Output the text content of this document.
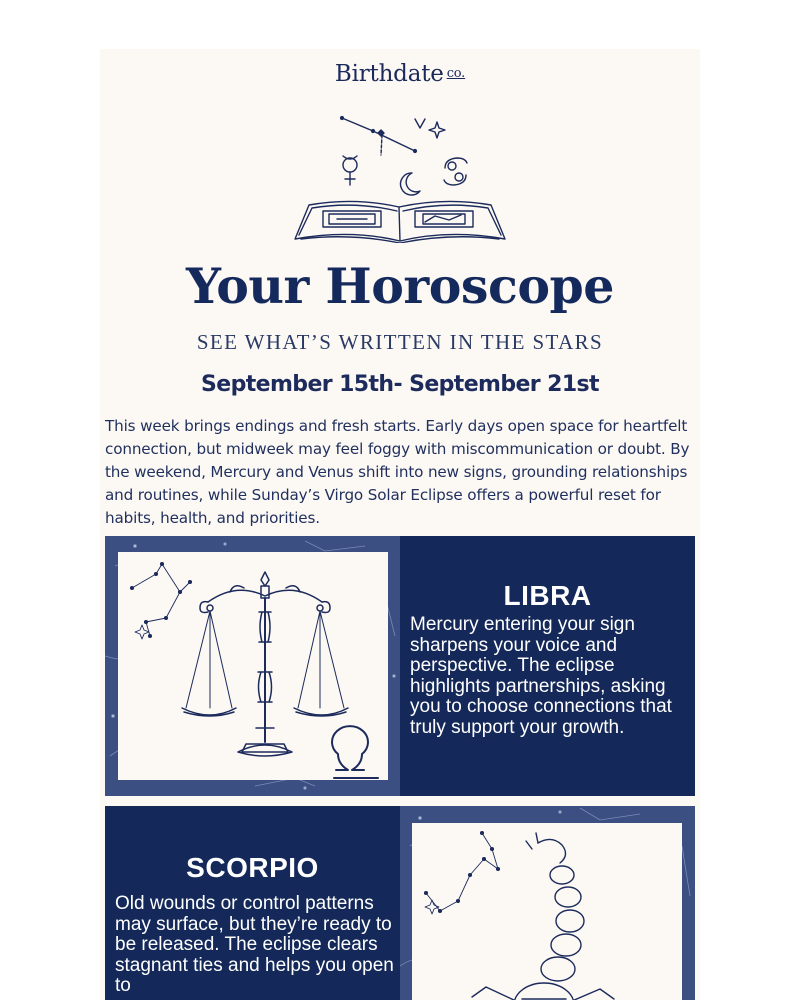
Birthdate co.
Your Horoscope
SEE WHAT’S WRITTEN IN THE STARS
September 15th- September 21st
This week brings endings and fresh starts. Early days open space for heartfelt connection, but midweek may feel foggy with miscommunication or doubt. By the weekend, Mercury and Venus shift into new signs, grounding relationships and routines, while Sunday’s Virgo Solar Eclipse offers a powerful reset for habits, health, and priorities.
LIBRA
Mercury entering your sign sharpens your voice and perspective. The eclipse highlights partnerships, asking you to choose connections that truly support your growth.
SCORPIO
Old wounds or control patterns may surface, but they’re ready to be released. The eclipse clears stagnant ties and helps you open to
